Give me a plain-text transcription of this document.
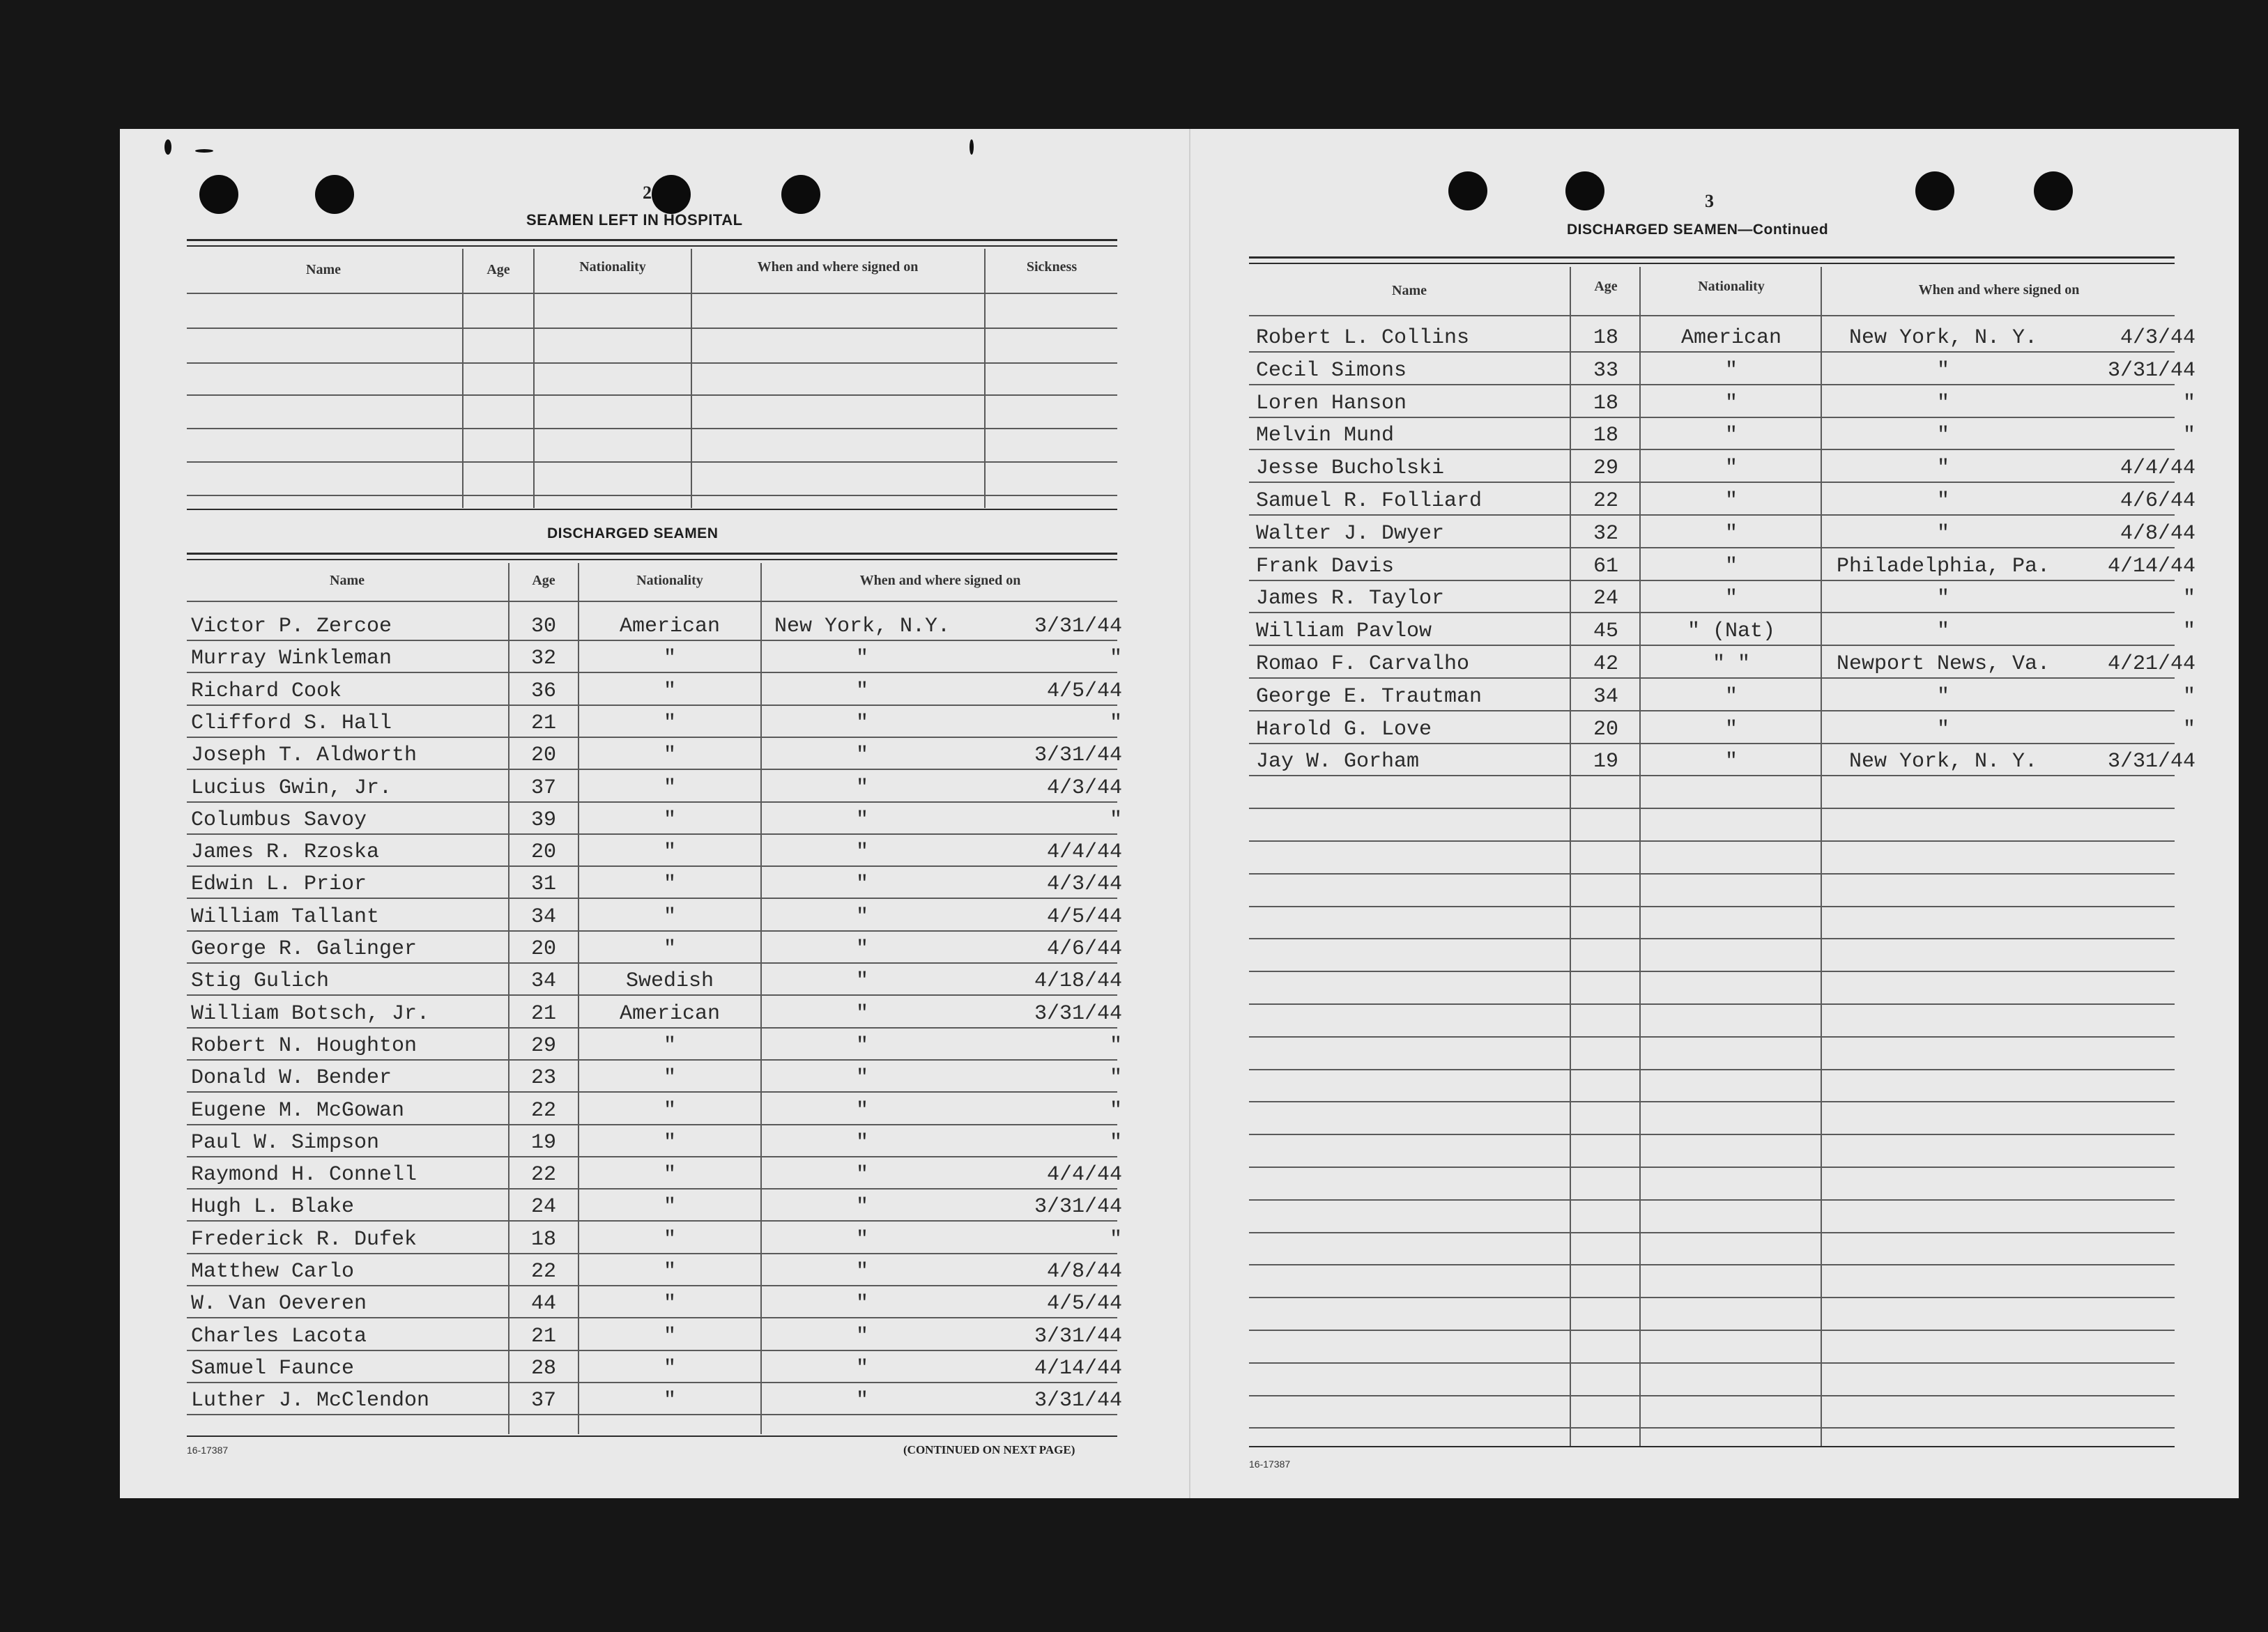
2
SEAMEN LEFT IN HOSPITAL
Name	Age	Nationality	When and where signed on	Sickness
DISCHARGED SEAMEN
Name	Age	Nationality	When and where signed on
Victor P. Zercoe	30	American	New York, N.Y.	3/31/44
Murray Winkleman	32	"	"	"
Richard Cook	36	"	"	4/5/44
Clifford S. Hall	21	"	"	"
Joseph T. Aldworth	20	"	"	3/31/44
Lucius Gwin, Jr.	37	"	"	4/3/44
Columbus Savoy	39	"	"	"
James R. Rzoska	20	"	"	4/4/44
Edwin L. Prior	31	"	"	4/3/44
William Tallant	34	"	"	4/5/44
George R. Galinger	20	"	"	4/6/44
Stig Gulich	34	Swedish	"	4/18/44
William Botsch, Jr.	21	American	"	3/31/44
Robert N. Houghton	29	"	"	"
Donald W. Bender	23	"	"	"
Eugene M. McGowan	22	"	"	"
Paul W. Simpson	19	"	"	"
Raymond H. Connell	22	"	"	4/4/44
Hugh L. Blake	24	"	"	3/31/44
Frederick R. Dufek	18	"	"	"
Matthew Carlo	22	"	"	4/8/44
W. Van Oeveren	44	"	"	4/5/44
Charles Lacota	21	"	"	3/31/44
Samuel Faunce	28	"	"	4/14/44
Luther J. McClendon	37	"	"	3/31/44
16-17387	(CONTINUED ON NEXT PAGE)
3
DISCHARGED SEAMEN—Continued
Name	Age	Nationality	When and where signed on
Robert L. Collins	18	American	New York, N. Y.	4/3/44
Cecil Simons	33	"	"	3/31/44
Loren Hanson	18	"	"	"
Melvin Mund	18	"	"	"
Jesse Bucholski	29	"	"	4/4/44
Samuel R. Folliard	22	"	"	4/6/44
Walter J. Dwyer	32	"	"	4/8/44
Frank Davis	61	"	Philadelphia, Pa.	4/14/44
James R. Taylor	24	"	"	"
William Pavlow	45	" (Nat)	"	"
Romao F. Carvalho	42	" "	Newport News, Va.	4/21/44
George E. Trautman	34	"	"	"
Harold G. Love	20	"	"	"
Jay W. Gorham	19	"	New York, N. Y.	3/31/44
16-17387
